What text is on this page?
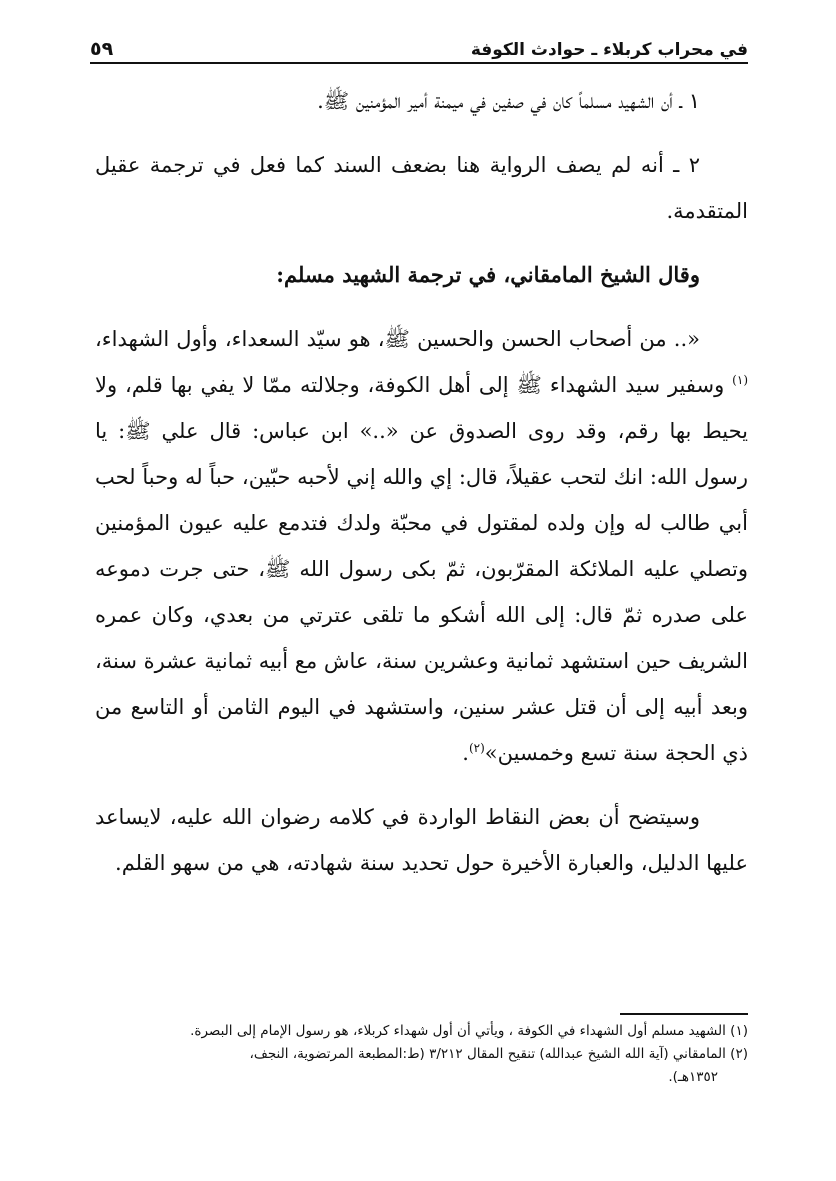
في محراب كربلاء ـ حوادث الكوفة
٥٩

١ ـ أن الشهيد مسلماً كان في صفين في ميمنة أمير المؤمنين ﷺ.

٢ ـ أنه لم يصف الرواية هنا بضعف السند كما فعل في ترجمة عقيل المتقدمة.

وقال الشيخ المامقاني، في ترجمة الشهيد مسلم:

«.. من أصحاب الحسن والحسين ﷺ، هو سيّد السعداء، وأول الشهداء،$^{(١)}$ وسفير سيد الشهداء ﷺ إلى أهل الكوفة، وجلالته ممّا لا يفي بها قلم، ولا يحيط بها رقم، وقد روى الصدوق عن «..» ابن عباس: قال علي ﷺ: يا رسول الله: انك لتحب عقيلاً، قال: إي والله إني لأحبه حبّين، حباً له وحباً لحب أبي طالب له وإن ولده لمقتول في محبّة ولدك فتدمع عليه عيون المؤمنين وتصلي عليه الملائكة المقرّبون، ثمّ بكى رسول الله ﷺ، حتى جرت دموعه على صدره ثمّ قال: إلى الله أشكو ما تلقى عترتي من بعدي، وكان عمره الشريف حين استشهد ثمانية وعشرين سنة، عاش مع أبيه ثمانية عشرة سنة، وبعد أبيه إلى أن قتل عشر سنين، واستشهد في اليوم الثامن أو التاسع من ذي الحجة سنة تسع وخمسين»$^{(٢)}$.

وسيتضح أن بعض النقاط الواردة في كلامه رضوان الله عليه، لايساعد عليها الدليل، والعبارة الأخيرة حول تحديد سنة شهادته، هي من سهو القلم.

(١) الشهيد مسلم أول الشهداء في الكوفة ، ويأتي أن أول شهداء كربلاء، هو رسول الإمام إلى البصرة.

(٢) المامقاني (آية الله الشيخ عبدالله) تنقيح المقال ٣/٢١٢ (ط:المطبعة المرتضوية، النجف،

١٣٥٢هـ).
